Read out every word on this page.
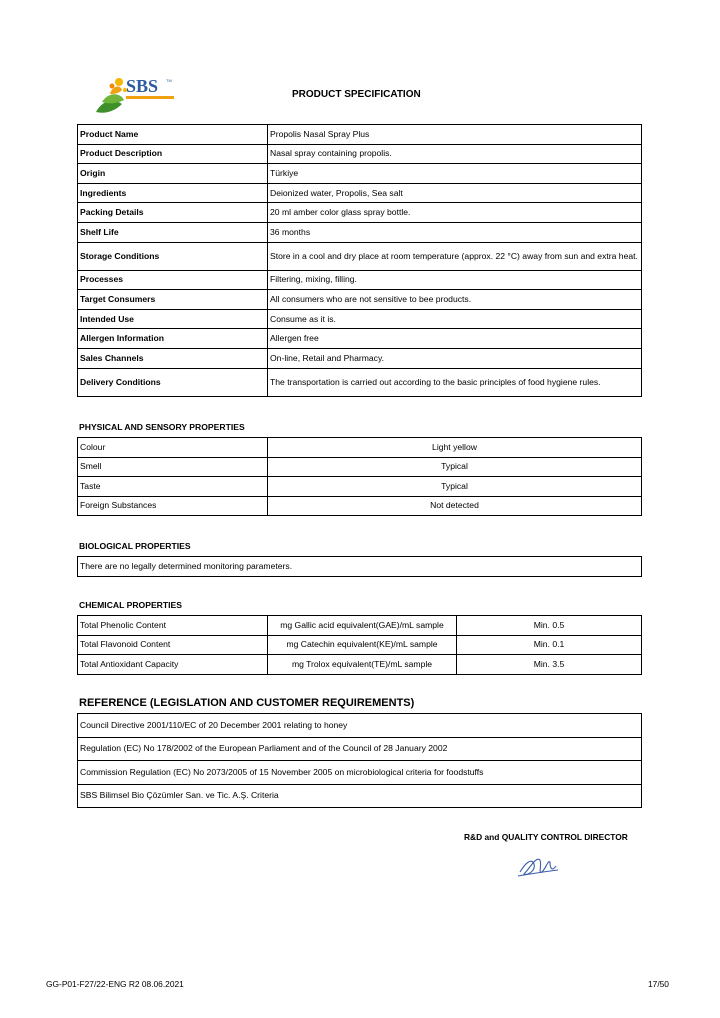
SBS TM
PRODUCT SPECIFICATION
Product Name	Propolis Nasal Spray Plus
Product Description	Nasal spray containing propolis.
Origin	Türkiye
Ingredients	Deionized water, Propolis, Sea salt
Packing Details	20 ml amber color glass spray bottle.
Shelf Life	36 months
Storage Conditions	Store in a cool and dry place at room temperature (approx. 22 °C) away from sun and extra heat.
Processes	Filtering, mixing, filling.
Target Consumers	All consumers who are not sensitive to bee products.
Intended Use	Consume as it is.
Allergen Information	Allergen free
Sales Channels	On-line, Retail and Pharmacy.
Delivery Conditions	The transportation is carried out according to the basic principles of food hygiene rules.
PHYSICAL AND SENSORY PROPERTIES
Colour	Light yellow
Smell	Typical
Taste	Typical
Foreign Substances	Not detected
BIOLOGICAL PROPERTIES
There are no legally determined monitoring parameters.
CHEMICAL PROPERTIES
Total Phenolic Content	mg Gallic acid equivalent(GAE)/mL sample	Min. 0.5
Total Flavonoid Content	mg Catechin equivalent(KE)/mL sample	Min. 0.1
Total Antioxidant Capacity	mg Trolox equivalent(TE)/mL sample	Min. 3.5
REFERENCE (LEGISLATION AND CUSTOMER REQUIREMENTS)
Council Directive 2001/110/EC of 20 December 2001 relating to honey
Regulation (EC) No 178/2002 of the European Parliament and of the Council of 28 January 2002
Commission Regulation (EC) No 2073/2005 of 15 November 2005 on microbiological criteria for foodstuffs
SBS Bilimsel Bio Çözümler San. ve Tic. A.Ş. Criteria
R&D and QUALITY CONTROL DIRECTOR
GG-P01-F27/22-ENG R2 08.06.2021	17/50
